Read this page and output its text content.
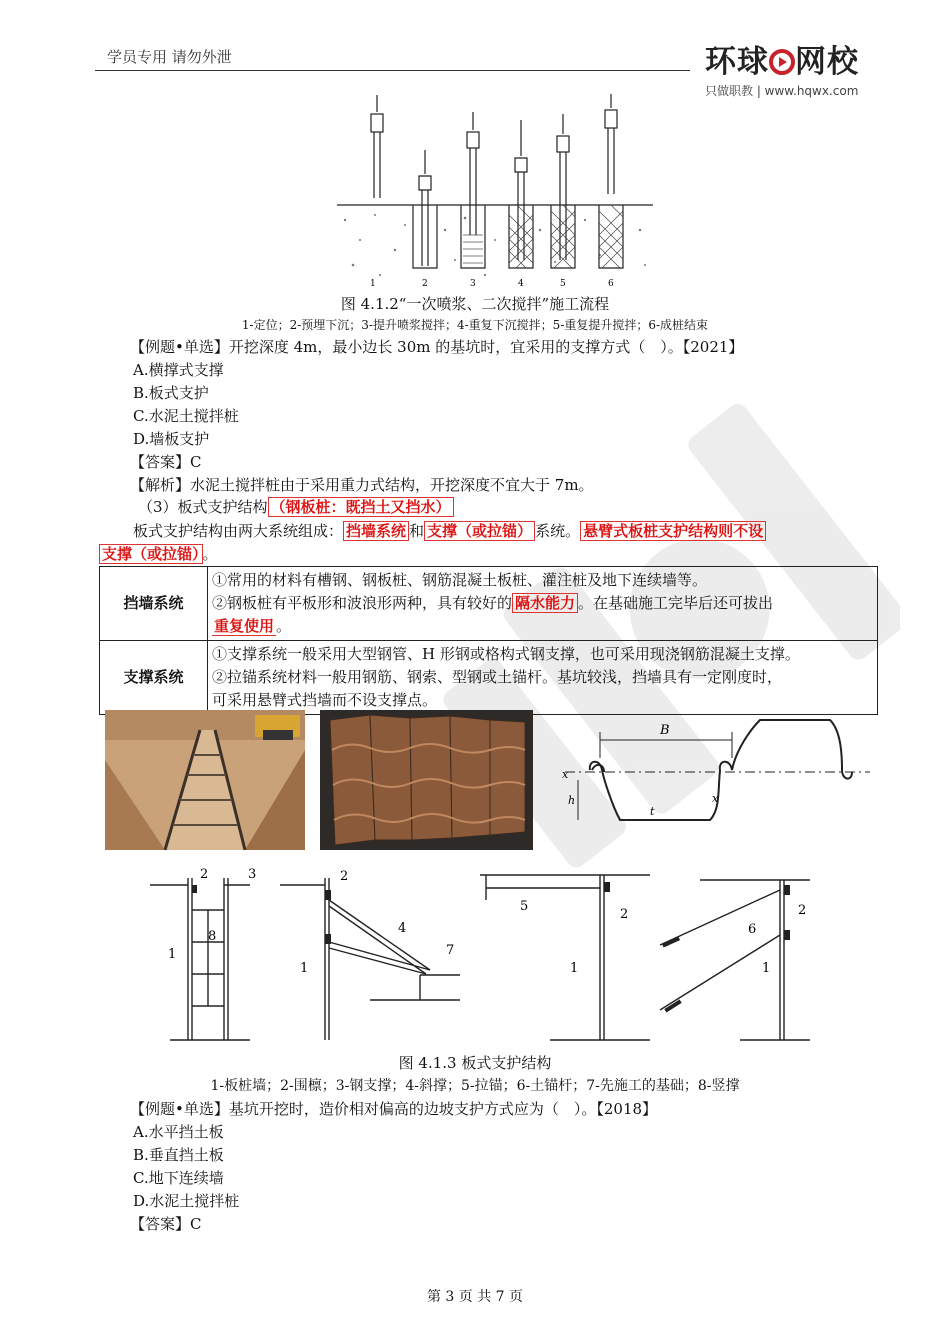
学员专用 请勿外泄	环球 网校
只做职教 | www.hqwx.com
1	2	3	4	5	6
图 4.1.2“一次喷浆、二次搅拌”施工流程
1-定位；2-预埋下沉；3-提升喷浆搅拌；4-重复下沉搅拌；5-重复提升搅拌；6-成桩结束
【例题•单选】开挖深度 4m，最小边长 30m 的基坑时，宜采用的支撑方式（　）。【2021】
A.横撑式支撑
B.板式支护
C.水泥土搅拌桩
D.墙板支护
【答案】C
【解析】水泥土搅拌桩由于采用重力式结构，开挖深度不宜大于 7m。
（3）板式支护结构 （钢板桩：既挡土又挡水）
板式支护结构由两大系统组成： 挡墙系统 和 支撑（或拉锚） 系统。 悬臂式板桩支护结构则不设
支撑（或拉锚） 。
挡墙系统	①常用的材料有槽钢、钢板桩、钢筋混凝土板桩、灌注桩及地下连续墙等。
②钢板桩有平板形和波浪形两种，具有较好的 隔水能力 。在基础施工完毕后还可拔出
重复使用 。

支撑系统	①支撑系统一般采用大型钢管、H 形钢或格构式钢支撑，也可采用现浇钢筋混凝土支撑。
②拉锚系统材料一般用钢筋、钢索、型钢或土锚杆。基坑较浅，挡墙具有一定刚度时，
可采用悬臂式挡墙而不设支撑点。
B
x
x
h
t
2	3
8
1
2
4
7
1
5
2
1
6
2
1
图 4.1.3 板式支护结构
1-板桩墙；2-围檩；3-钢支撑；4-斜撑；5-拉锚；6-土锚杆；7-先施工的基础；8-竖撑
【例题•单选】基坑开挖时，造价相对偏高的边坡支护方式应为（　）。【2018】
A.水平挡土板
B.垂直挡土板
C.地下连续墙
D.水泥土搅拌桩
【答案】C
第 3 页 共 7 页
